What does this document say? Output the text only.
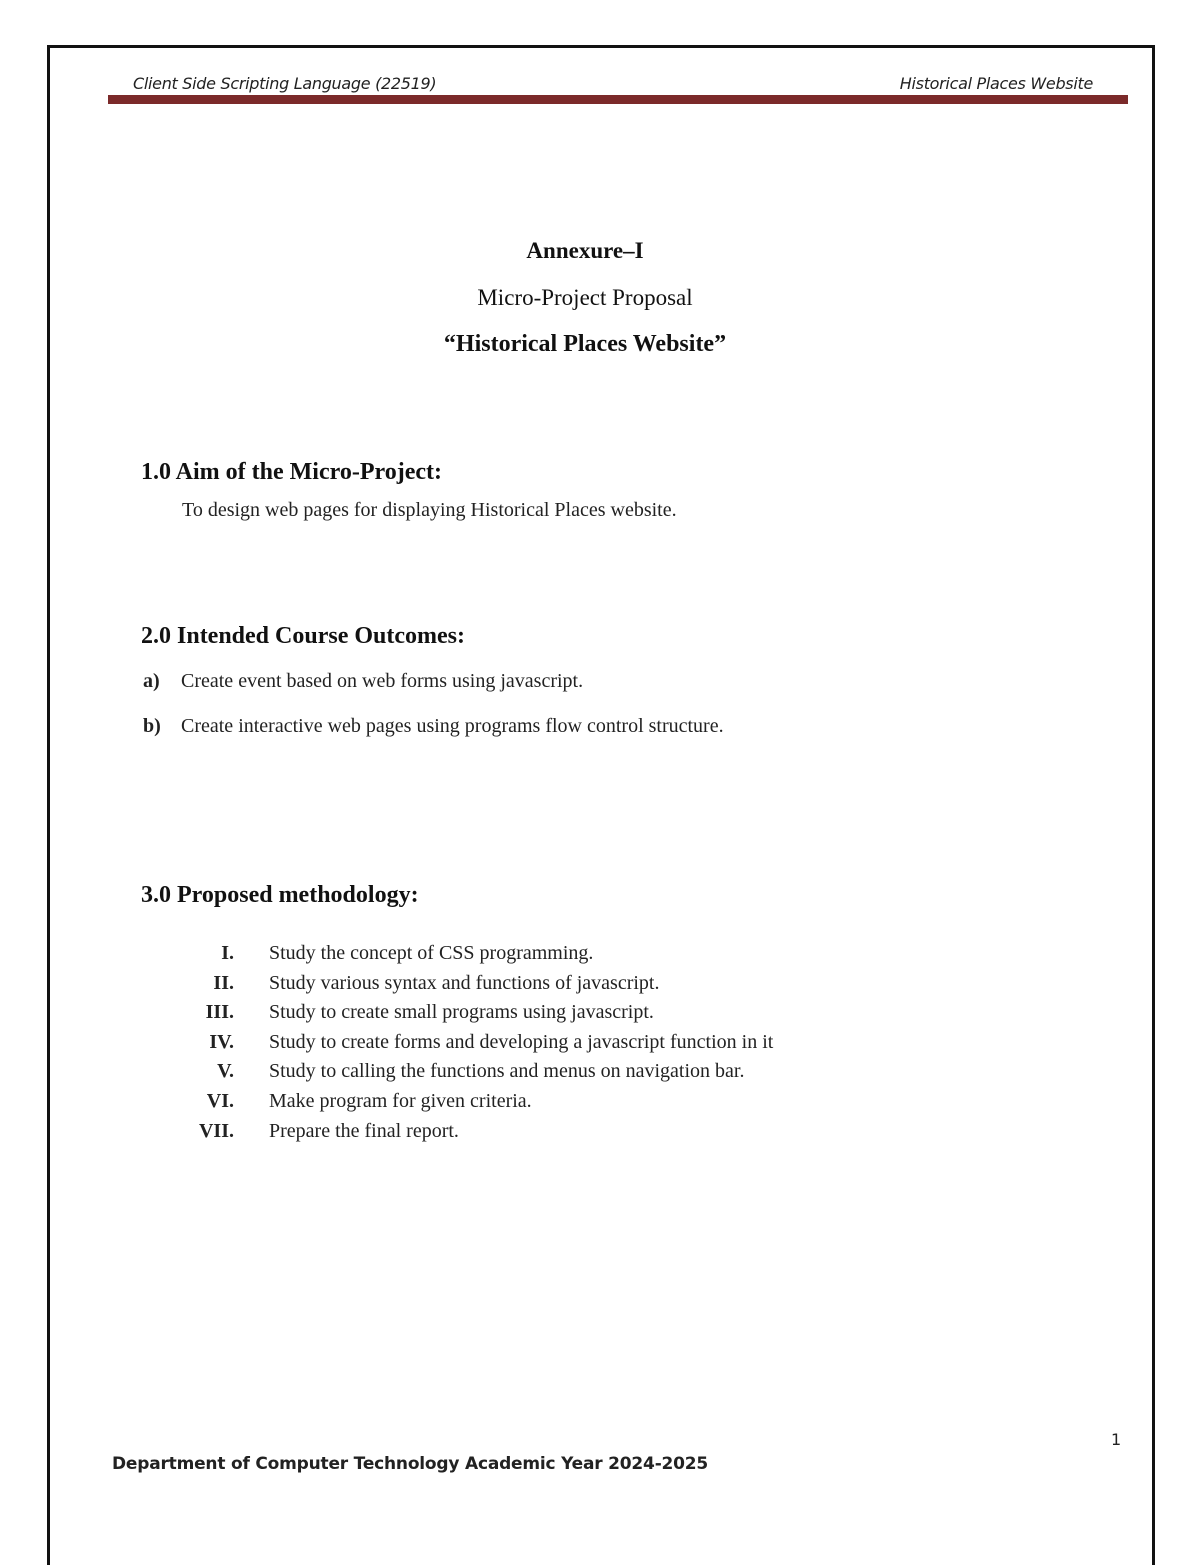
Client Side Scripting Language (22519)	Historical Places Website
Annexure–I
Micro-Project Proposal
“Historical Places Website”
1.0 Aim of the Micro-Project:
To design web pages for displaying Historical Places website.
2.0 Intended Course Outcomes:
a) Create event based on web forms using javascript.
b) Create interactive web pages using programs flow control structure.
3.0 Proposed methodology:
I. Study the concept of CSS programming.
II. Study various syntax and functions of javascript.
III. Study to create small programs using javascript.
IV. Study to create forms and developing a javascript function in it
V. Study to calling the functions and menus on navigation bar.
VI. Make program for given criteria.
VII. Prepare the final report.
1
Department of Computer Technology Academic Year 2024-2025
